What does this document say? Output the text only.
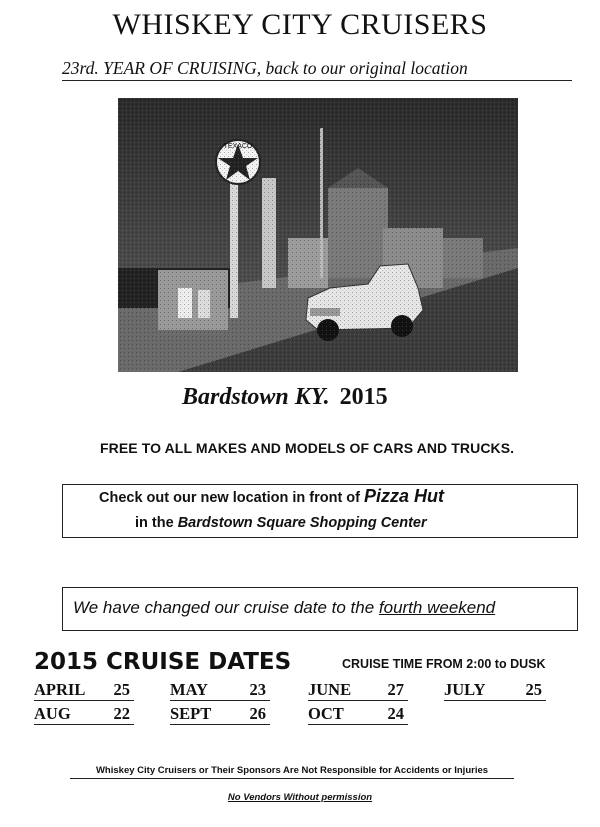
WHISKEY CITY CRUISERS
23rd. YEAR OF CRUISING, back to our original location
Bardstown KY. 2015
FREE TO ALL MAKES AND MODELS OF CARS AND TRUCKS.
Check out our new location in front of Pizza Hut
in the Bardstown Square Shopping Center
We have changed our cruise date to the fourth weekend
2015 CRUISE DATES	CRUISE TIME FROM 2:00 to DUSK
APRIL 25 MAY	23	JUNE 27 JULY 25
AUG	22 SEPT 26	OCT	24
Whiskey City Cruisers or Their Sponsors Are Not Responsible for Accidents or Injuries
No Vendors Without permission
